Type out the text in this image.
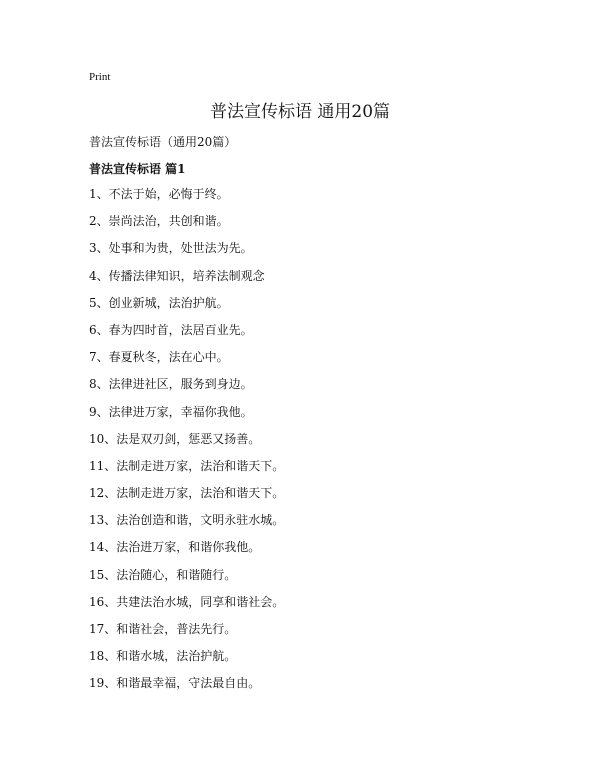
Print
普法宣传标语 通用20篇
普法宣传标语（通用20篇）
普法宣传标语 篇1
1、不法于始，必悔于终。
2、崇尚法治，共创和谐。
3、处事和为贵，处世法为先。
4、传播法律知识，培养法制观念
5、创业新城，法治护航。
6、春为四时首，法居百业先。
7、春夏秋冬，法在心中。
8、法律进社区，服务到身边。
9、法律进万家，幸福你我他。
10、法是双刃剑，惩恶又扬善。
11、法制走进万家，法治和谐天下。
12、法制走进万家，法治和谐天下。
13、法治创造和谐，文明永驻水城。
14、法治进万家，和谐你我他。
15、法治随心，和谐随行。
16、共建法治水城，同享和谐社会。
17、和谐社会，普法先行。
18、和谐水城，法治护航。
19、和谐最幸福，守法最自由。
